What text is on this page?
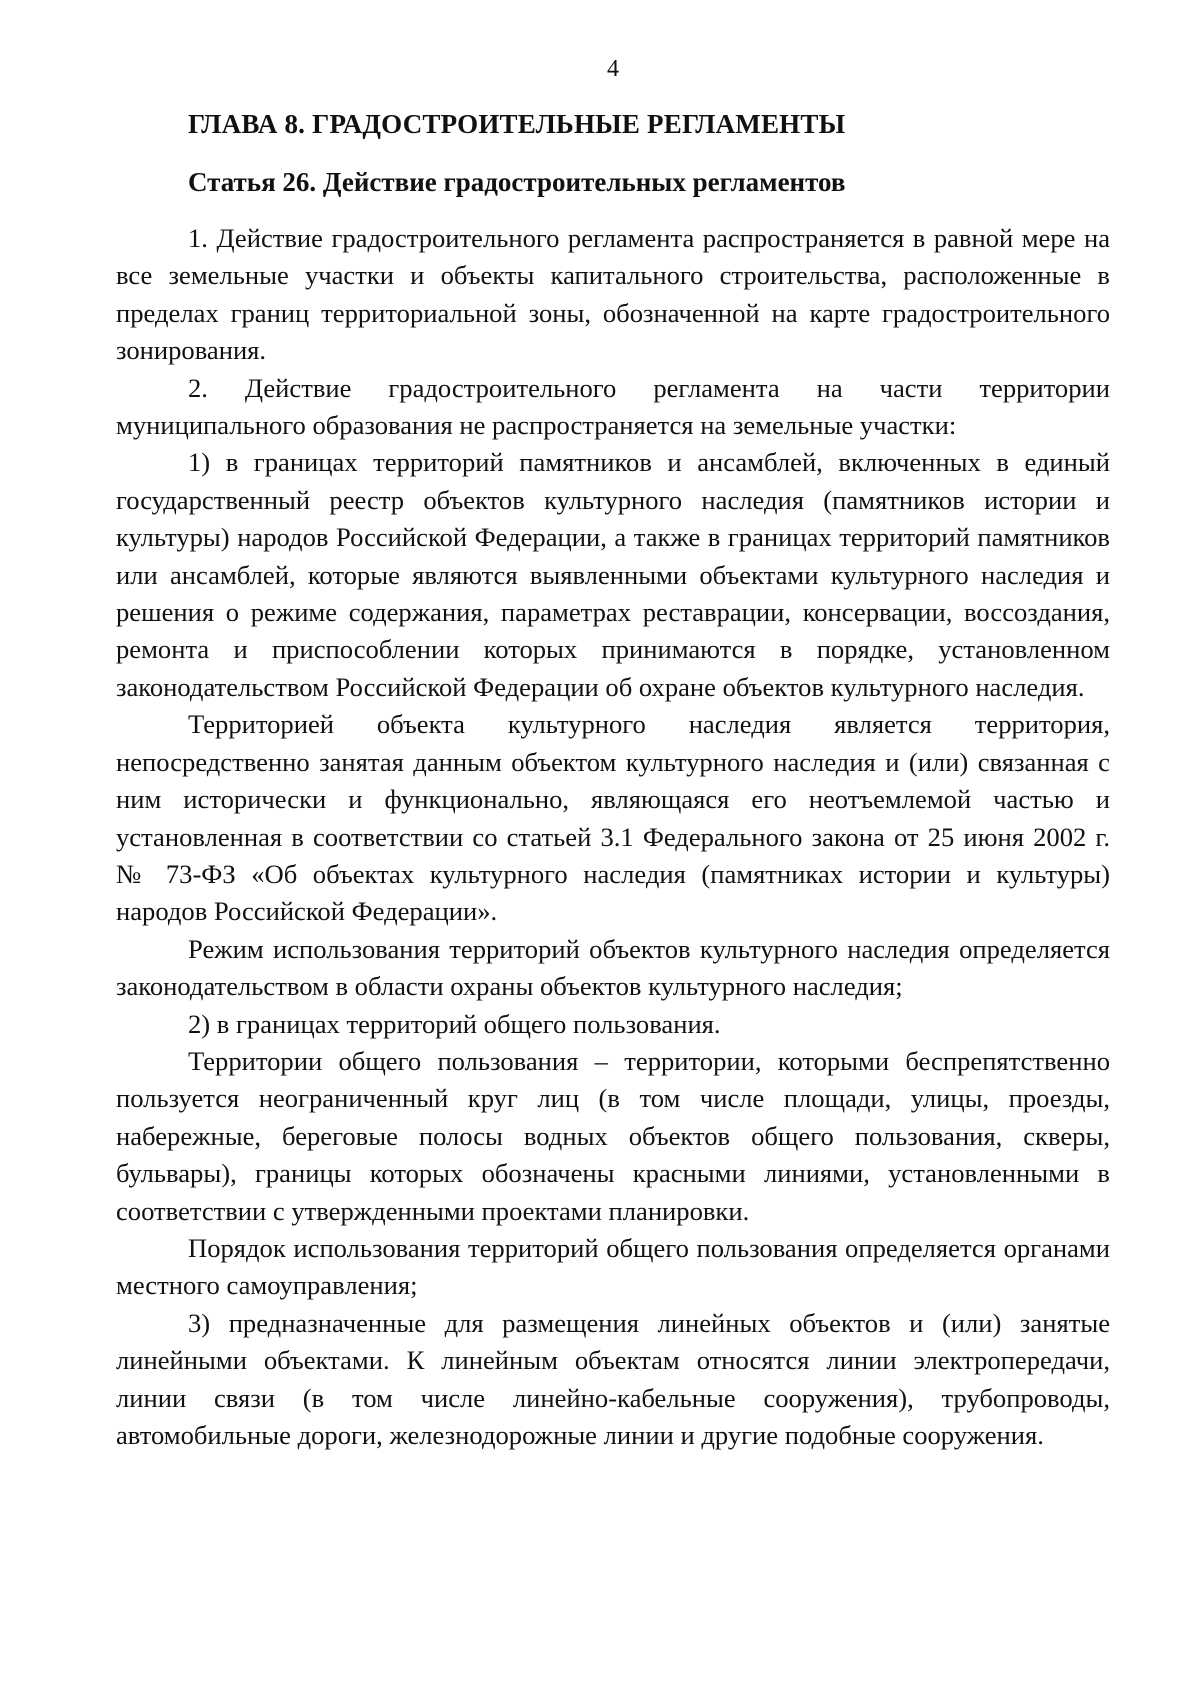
4
ГЛАВА 8. ГРАДОСТРОИТЕЛЬНЫЕ РЕГЛАМЕНТЫ
Статья 26. Действие градостроительных регламентов

1. Действие градостроительного регламента распространяется в равной мере на все земельные участки и объекты капитального строительства, расположенные в пределах границ территориальной зоны, обозначенной на карте градостроительного зонирования.

2. Действие градостроительного регламента на части территории муниципального образования не распространяется на земельные участки:

1) в границах территорий памятников и ансамблей, включенных в единый государственный реестр объектов культурного наследия (памятников истории и культуры) народов Российской Федерации, а также в границах территорий памятников или ансамблей, которые являются выявленными объектами культурного наследия и решения о режиме содержания, параметрах реставрации, консервации, воссоздания, ремонта и приспособлении которых принимаются в порядке, установленном законодательством Российской Федерации об охране объектов культурного наследия.

Территорией объекта культурного наследия является территория, непосредственно занятая данным объектом культурного наследия и (или) связанная с ним исторически и функционально, являющаяся его неотъемлемой частью и установленная в соответствии со статьей 3.1 Федерального закона от 25 июня 2002 г. № 73-ФЗ «Об объектах культурного наследия (памятниках истории и культуры) народов Российской Федерации».

Режим использования территорий объектов культурного наследия определяется законодательством в области охраны объектов культурного наследия;

2) в границах территорий общего пользования.

Территории общего пользования – территории, которыми беспрепятственно пользуется неограниченный круг лиц (в том числе площади, улицы, проезды, набережные, береговые полосы водных объектов общего пользования, скверы, бульвары), границы которых обозначены красными линиями, установленными в соответствии с утвержденными проектами планировки.

Порядок использования территорий общего пользования определяется органами местного самоуправления;

3) предназначенные для размещения линейных объектов и (или) занятые линейными объектами. К линейным объектам относятся линии электропередачи, линии связи (в том числе линейно-кабельные сооружения), трубопроводы, автомобильные дороги, железнодорожные линии и другие подобные сооружения.
